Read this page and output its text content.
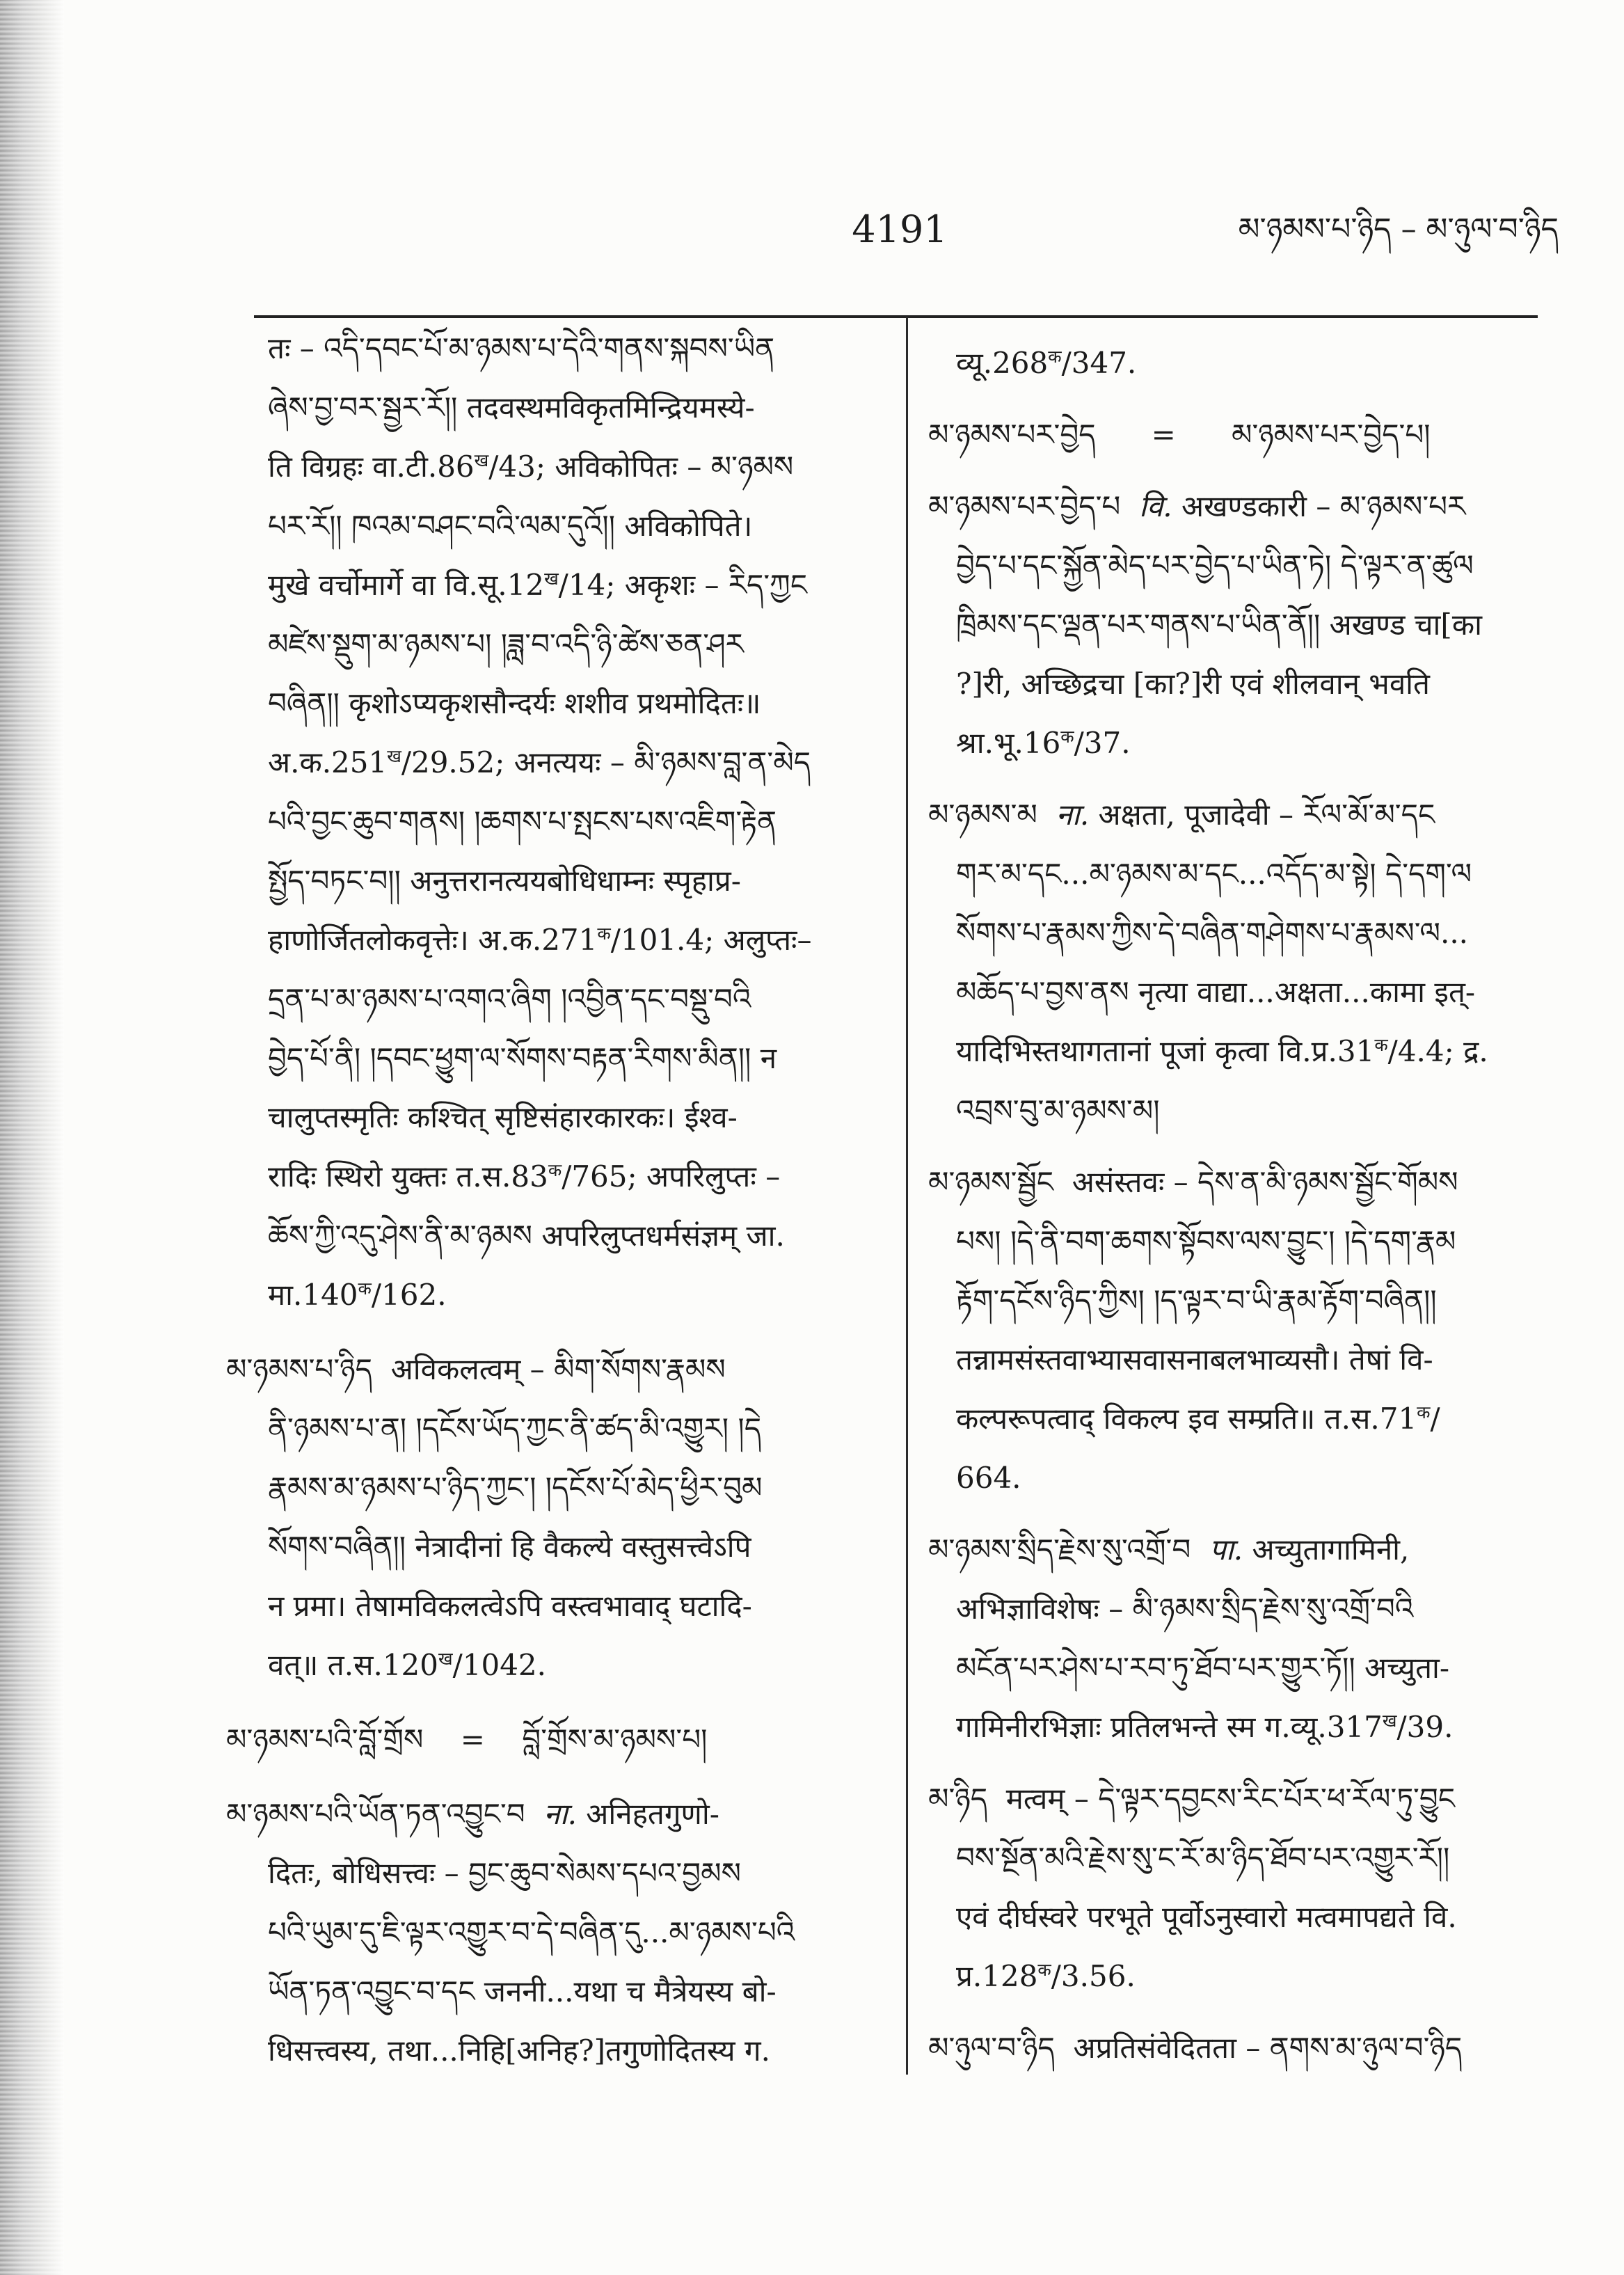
4191	མ་ཉམས་པ་ཉིད – མ་ཉུལ་བ་ཉིད
तः – འདི་དབང་པོ་མ་ཉམས་པ་དེའི་གནས་སྐབས་ཡིན
ཞེས་བྱ་བར་སྦྱར་རོ།། तदवस्थमविकृतमिन्द्रियमस्ये-
ति विग्रहः $वा.टी.86^ख/43$; अविकोपितः – མ་ཉམས
པར་རོ།། ཁའམ་བཤང་བའི་ལམ་དུའོ།། अविकोपिते।
मुखे वर्चोमार्गे वा $वि.सू.12^ख/14$; अकृशः – རིད་ཀྱང
མཛེས་སྡུག་མ་ཉམས་པ། །ཟླ་བ་འདི་ཉི་ཚེས་ཅན་ཤར
བཞིན།། कृशोऽप्यकृशसौन्दर्यः शशीव प्रथमोदितः॥
$अ.क.251^ख/29.52$; अनत्ययः – མི་ཉམས་བླ་ན་མེད
པའི་བྱང་ཆུབ་གནས། །ཆགས་པ་སྤངས་པས་འཇིག་རྟེན
སྤྱོད་བཏང་བ།། अनुत्तरानत्ययबोधिधाम्नः स्पृहाप्र-
हाणोर्जितलोकवृत्तेः। $अ.क.271^क/101.4$; अलुप्तः–
དྲན་པ་མ་ཉམས་པ་འགའ་ཞིག །འབྱིན་དང་བསྡུ་བའི
བྱེད་པོ་ནི། །དབང་ཕྱུག་ལ་སོགས་བརྟན་རིགས་མིན།། न
चालुप्तस्मृतिः कश्चित् सृष्टिसंहारकारकः। ईश्व-
रादिः स्थिरो युक्तः $त.स.83^क/765$; अपरिलुप्तः –
ཆོས་ཀྱི་འདུ་ཤེས་ནི་མ་ཉམས अपरिलुप्तधर्मसंज्ञम् जा.
$मा.140^क/162$.
མ་ཉམས་པ་ཉིད  अविकलत्वम् – མིག་སོགས་རྣམས
ནི་ཉམས་པ་ན། །དངོས་ཡོད་ཀྱང་ནི་ཚད་མི་འགྱུར། །དེ
རྣམས་མ་ཉམས་པ་ཉིད་ཀྱང་། །དངོས་པོ་མེད་ཕྱིར་བུམ
སོགས་བཞིན།། नेत्रादीनां हि वैकल्ये वस्तुसत्त्वेऽपि
न प्रमा। तेषामविकलत्वेऽपि वस्त्वभावाद् घटादि-
वत्॥ $त.स.120^ख/1042$.
མ་ཉམས་པའི་བློ་གྲོས    =    བློ་གྲོས་མ་ཉམས་པ།
མ་ཉམས་པའི་ཡོན་ཏན་འབྱུང་བ  ना. अनिहतगुणो-
दितः, बोधिसत्त्वः – བྱང་ཆུབ་སེམས་དཔའ་བྱམས
པའི་ཡུམ་དུ་ཇི་ལྟར་འགྱུར་བ་དེ་བཞིན་དུ...མ་ཉམས་པའི
ཡོན་ཏན་འབྱུང་བ་དང जननी...यथा च मैत्रेयस्य बो-
धिसत्त्वस्य, तथा...निहि[अनिह?]तगुणोदितस्य ग.
$व्यू.268^क/347$.
མ་ཉམས་པར་བྱེད      =      མ་ཉམས་པར་བྱེད་པ།
མ་ཉམས་པར་བྱེད་པ  वि. अखण्डकारी – མ་ཉམས་པར
བྱེད་པ་དང་སྐྱོན་མེད་པར་བྱེད་པ་ཡིན་ཏེ། དེ་ལྟར་ན་ཚུལ
ཁྲིམས་དང་ལྡན་པར་གནས་པ་ཡིན་ནོ།། अखण्ड चा[का
?]री, अच्छिद्रचा [का?]री एवं शीलवान् भवति
$श्रा.भू.16^क/37$.
མ་ཉམས་མ  ना. अक्षता, पूजादेवी – རོལ་མོ་མ་དང
གར་མ་དང...མ་ཉམས་མ་དང...འདོད་མ་སྟེ། དེ་དག་ལ
སོགས་པ་རྣམས་ཀྱིས་དེ་བཞིན་གཤེགས་པ་རྣམས་ལ...
མཆོད་པ་བྱས་ནས नृत्या वाद्या...अक्षता...कामा इत्-
यादिभिस्तथागतानां पूजां कृत्वा $वि.प्र.31^क/4.4$; द्र.
འབྲས་བུ་མ་ཉམས་མ།
མ་ཉམས་སྦྱོང  असंस्तवः – དེས་ན་མི་ཉམས་སྦྱོང་གོམས
པས། །དེ་ནི་བག་ཆགས་སྟོབས་ལས་བྱུང་། །དེ་དག་རྣམ
རྟོག་དངོས་ཉིད་ཀྱིས། །ད་ལྟར་བ་ཡི་རྣམ་རྟོག་བཞིན།།
तन्नामसंस्तवाभ्यासवासनाबलभाव्यसौ। तेषां वि-
कल्परूपत्वाद् विकल्प इव सम्प्रति॥ $त.स.71^क/$
664.
མ་ཉམས་སྲིད་རྗེས་སུ་འགྲོ་བ  पा. अच्युतागामिनी,
अभिज्ञाविशेषः – མི་ཉམས་སྲིད་རྗེས་སུ་འགྲོ་བའི
མངོན་པར་ཤེས་པ་རབ་ཏུ་ཐོབ་པར་གྱུར་ཏོ།། अच्युता-
गामिनीरभिज्ञाः प्रतिलभन्ते स्म $ग.व्यू.317^ख/39$.
མ་ཉིད  मत्वम् – དེ་ལྟར་དབྱངས་རིང་པོར་ཕ་རོལ་ཏུ་བྱུང
བས་སྔོན་མའི་རྗེས་སུ་ང་རོ་མ་ཉིད་ཐོབ་པར་འགྱུར་རོ།།
एवं दीर्घस्वरे परभूते पूर्वोऽनुस्वारो मत्वमापद्यते वि.
$प्र.128^क/3.56$.
མ་ཉུལ་བ་ཉིད  अप्रतिसंवेदितता – ནགས་མ་ཉུལ་བ་ཉིད
